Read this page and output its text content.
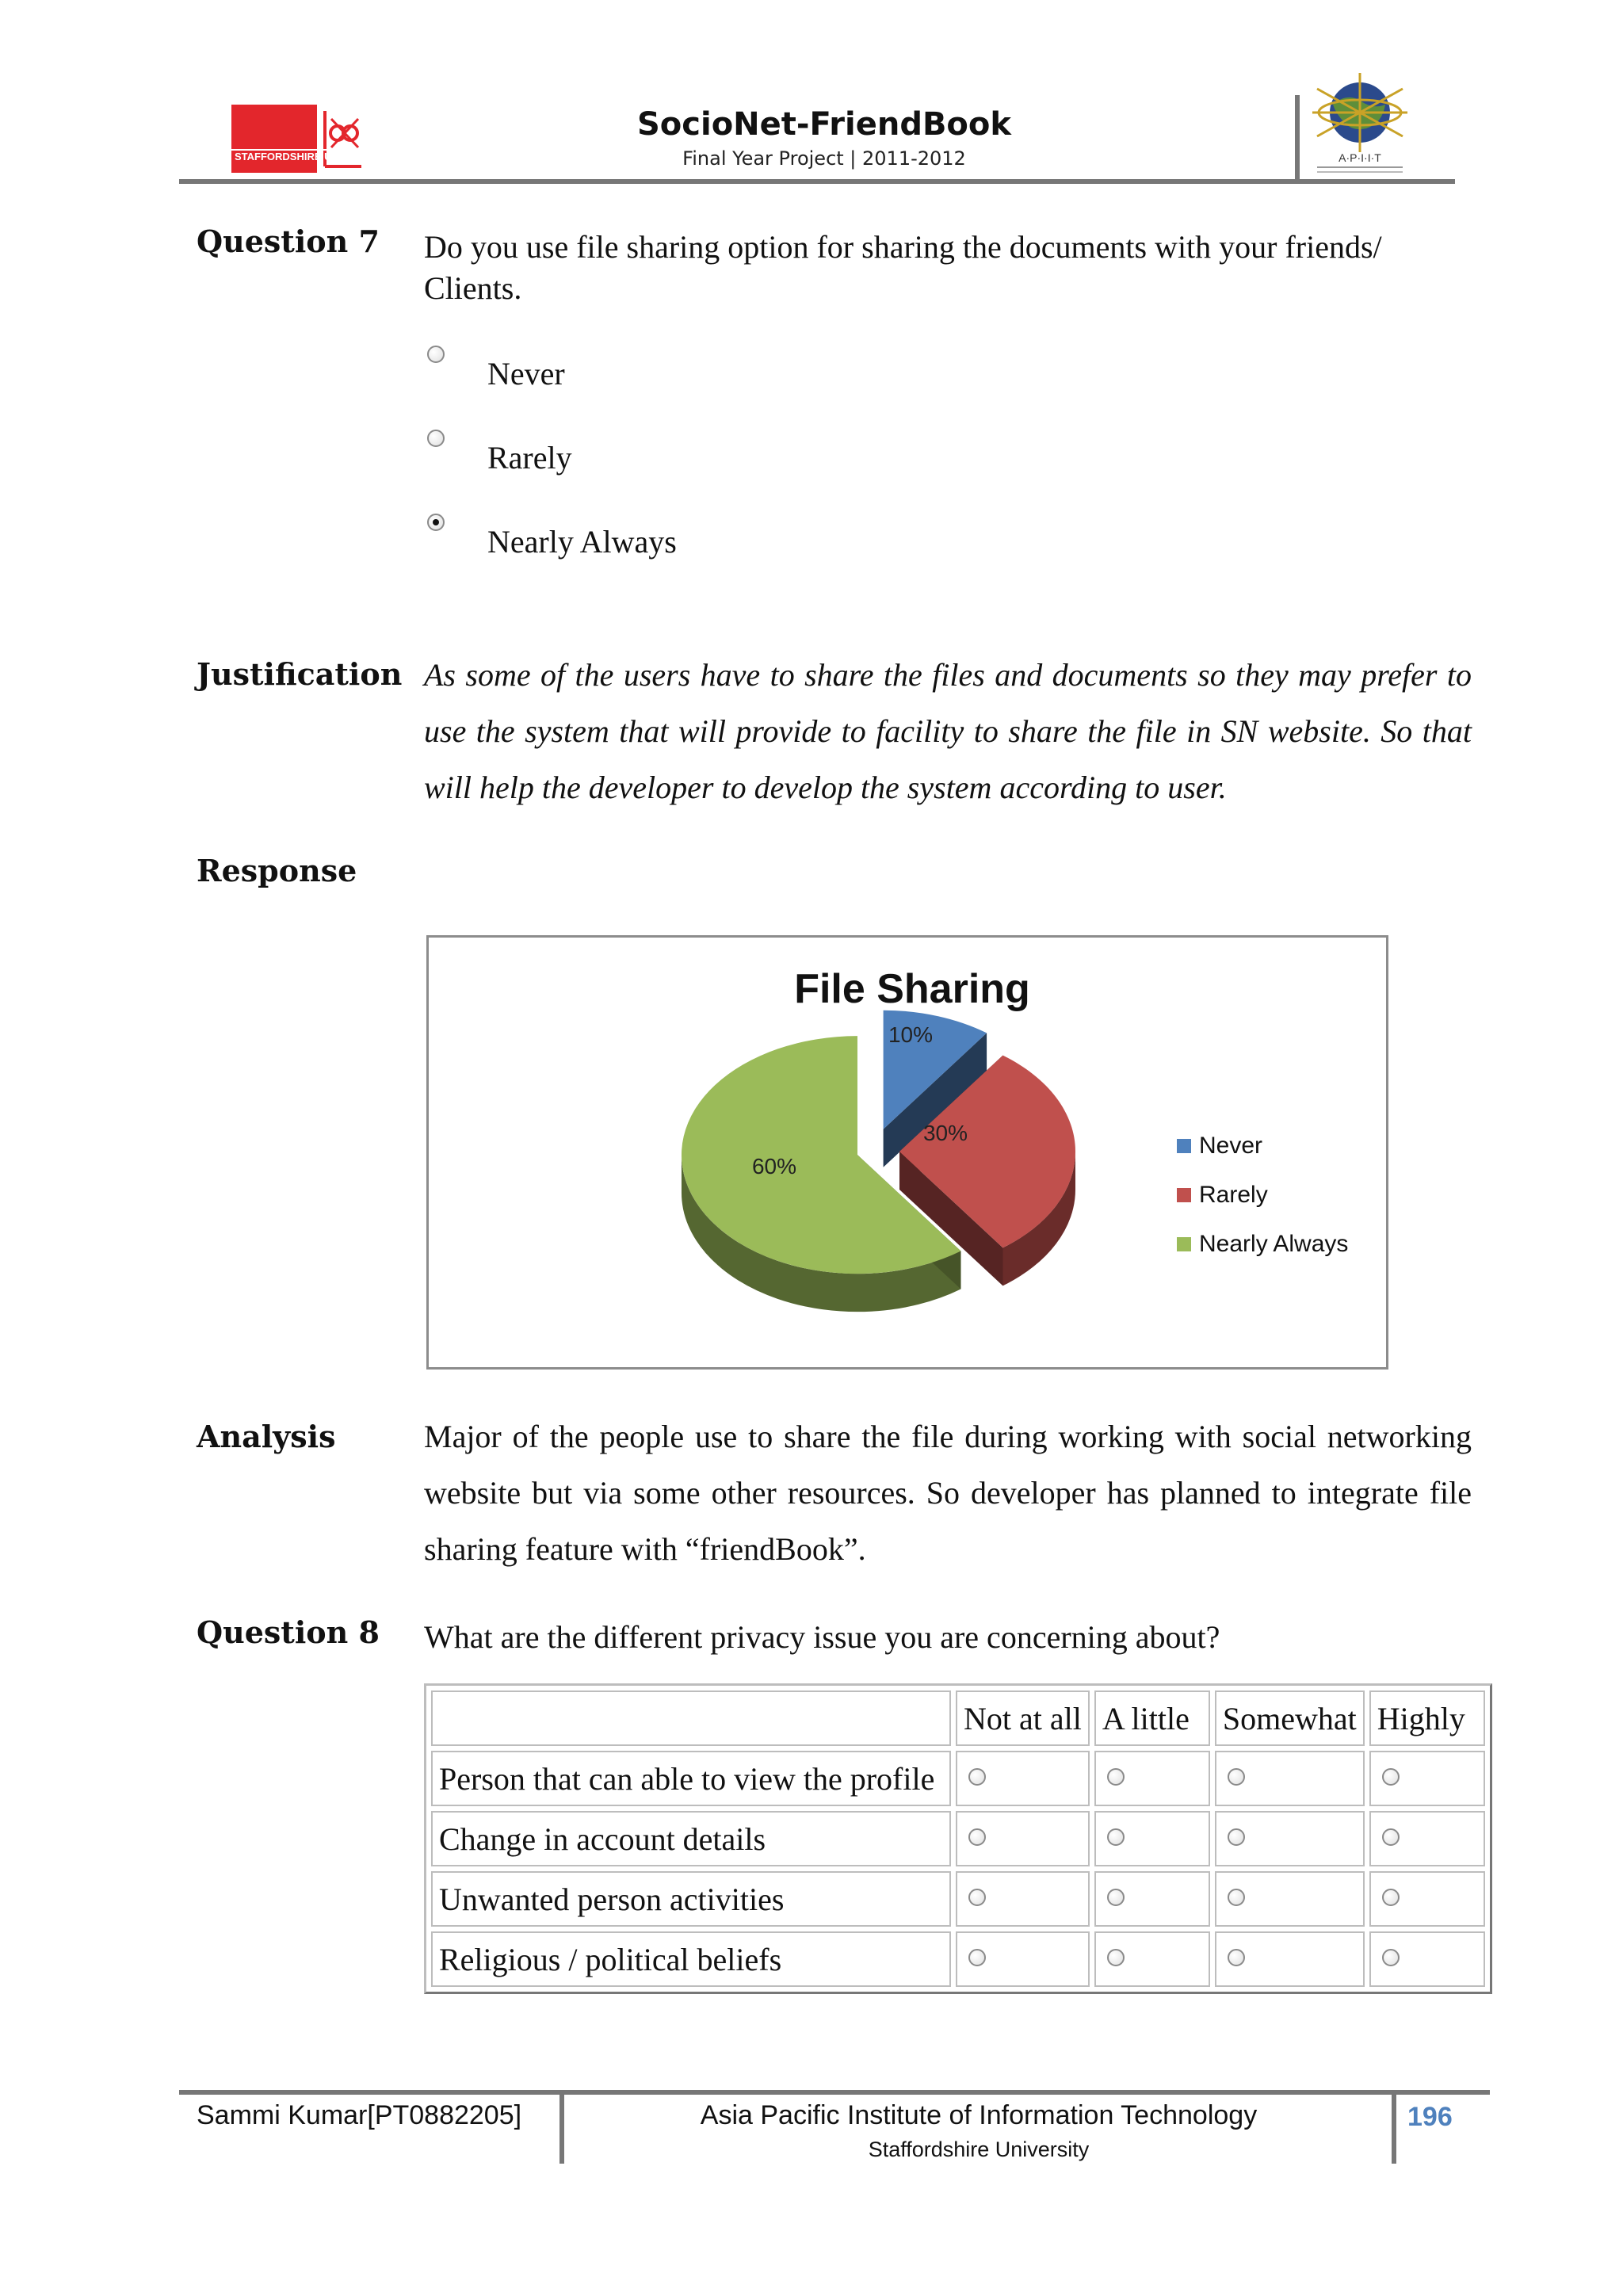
STAFFORDSHIRE UNIVERSITY
SocioNet-FriendBook
Final Year Project | 2011-2012	A·P·I·I·T
Question 7 Do you use file sharing option for sharing the documents with your friends/ Clients.
Never
Rarely
Nearly Always
Justification As some of the users have to share the files and documents so they may prefer to use the system that will provide to facility to share the file in SN website. So that will help the developer to develop the system according to user.
Response
File Sharing
10%
30%
60%
Never
Rarely
Nearly Always
Analysis	Major of the people use to share the file during working with social networking website but via some other resources. So developer has planned to integrate file sharing feature with “friendBook”.
Question 8 What are the different privacy issue you are concerning about?
	Not at all	A little	Somewhat	Highly
Person that can able to view the profile	

Change in account details	

Unwanted person activities	

Religious / political beliefs	

Sammi Kumar[PT0882205]	Asia Pacific Institute of Information Technology
Staffordshire University
196
